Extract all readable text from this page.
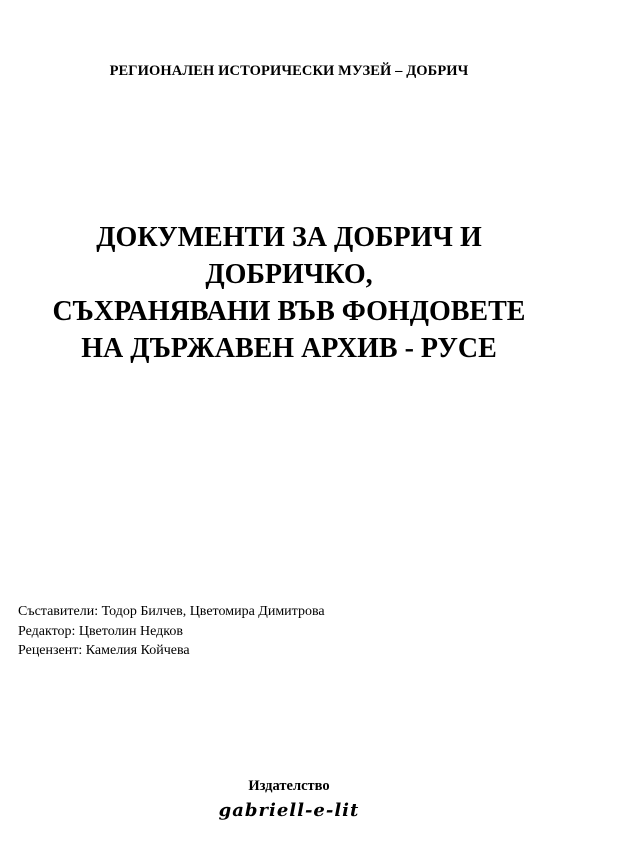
РЕГИОНАЛЕН ИСТОРИЧЕСКИ МУЗЕЙ – ДОБРИЧ
ДОКУМЕНТИ ЗА ДОБРИЧ И
ДОБРИЧКО,
СЪХРАНЯВАНИ ВЪВ ФОНДОВЕТЕ
НА ДЪРЖАВЕН АРХИВ - РУСЕ
Съставители: Тодор Билчев, Цветомира Димитрова
Редактор: Цветолин Недков
Рецензент: Камелия Койчева
Издателство
gabriell-e-lit
